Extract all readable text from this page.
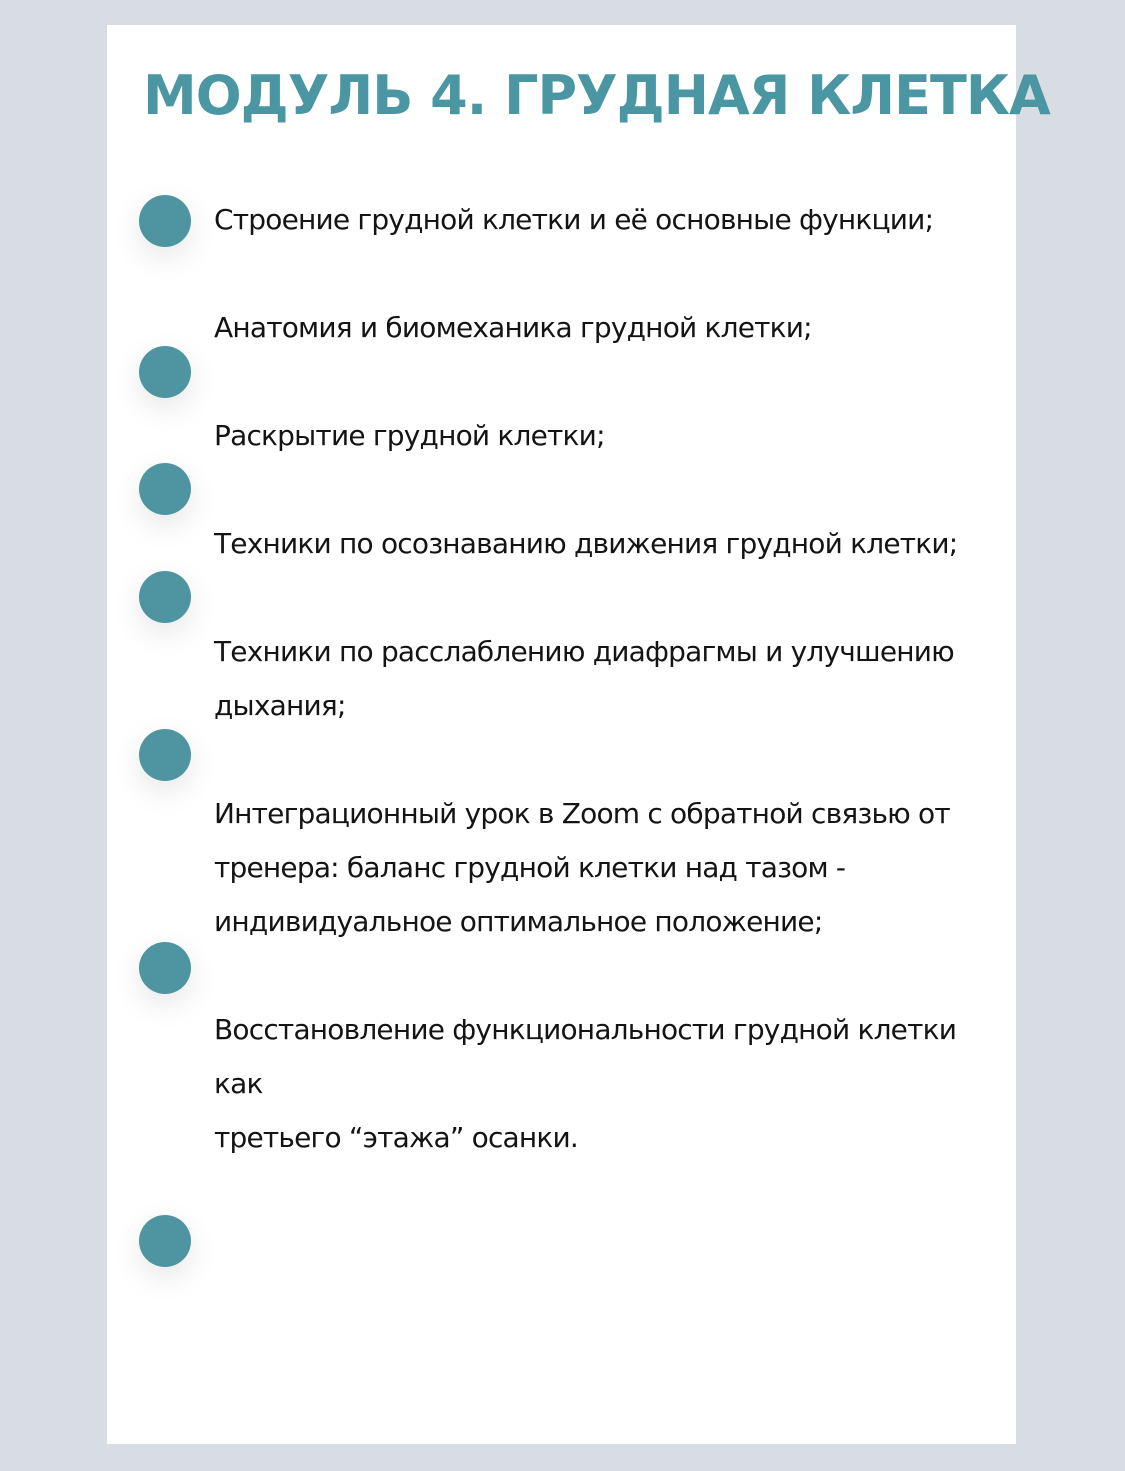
МОДУЛЬ 4. ГРУДНАЯ КЛЕТКА
Строение грудной клетки и её основные функции;
Анатомия и биомеханика грудной клетки;
Раскрытие грудной клетки;
Техники по осознаванию движения грудной клетки;
Техники по расслаблению диафрагмы и улучшению
дыхания;
Интеграционный урок в Zoom с обратной связью от
тренера: баланс грудной клетки над тазом -
индивидуальное оптимальное положение;
Восстановление функциональности грудной клетки
как
третьего “этажа” осанки.
